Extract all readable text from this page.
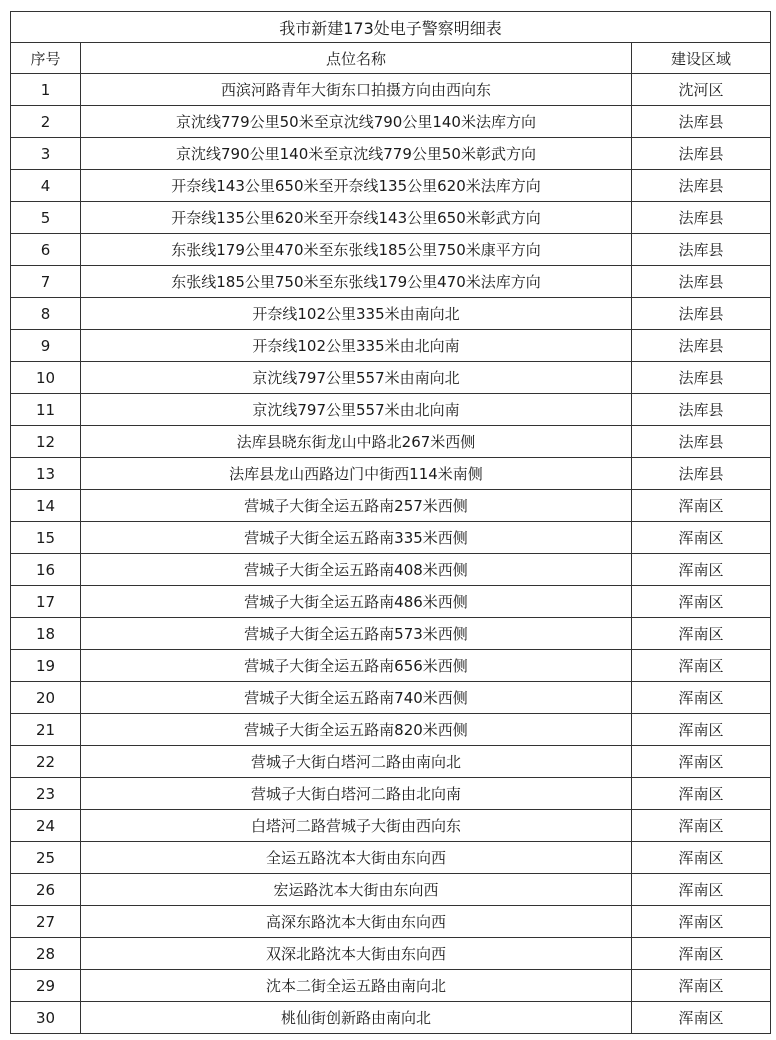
我市新建173处电子警察明细表		
序号	点位名称	建设区域
1	西滨河路青年大街东口拍摄方向由西向东	沈河区
2	京沈线779公里50米至京沈线790公里140米法库方向	法库县
3	京沈线790公里140米至京沈线779公里50米彰武方向	法库县
4	开奈线143公里650米至开奈线135公里620米法库方向	法库县
5	开奈线135公里620米至开奈线143公里650米彰武方向	法库县
6	东张线179公里470米至东张线185公里750米康平方向	法库县
7	东张线185公里750米至东张线179公里470米法库方向	法库县
8	开奈线102公里335米由南向北	法库县
9	开奈线102公里335米由北向南	法库县
10	京沈线797公里557米由南向北	法库县
11	京沈线797公里557米由北向南	法库县
12	法库县晓东街龙山中路北267米西侧	法库县
13	法库县龙山西路边门中街西114米南侧	法库县
14	营城子大街全运五路南257米西侧	浑南区
15	营城子大街全运五路南335米西侧	浑南区
16	营城子大街全运五路南408米西侧	浑南区
17	营城子大街全运五路南486米西侧	浑南区
18	营城子大街全运五路南573米西侧	浑南区
19	营城子大街全运五路南656米西侧	浑南区
20	营城子大街全运五路南740米西侧	浑南区
21	营城子大街全运五路南820米西侧	浑南区
22	营城子大街白塔河二路由南向北	浑南区
23	营城子大街白塔河二路由北向南	浑南区
24	白塔河二路营城子大街由西向东	浑南区
25	全运五路沈本大街由东向西	浑南区
26	宏运路沈本大街由东向西	浑南区
27	高深东路沈本大街由东向西	浑南区
28	双深北路沈本大街由东向西	浑南区
29	沈本二街全运五路由南向北	浑南区
30	桃仙街创新路由南向北	浑南区
